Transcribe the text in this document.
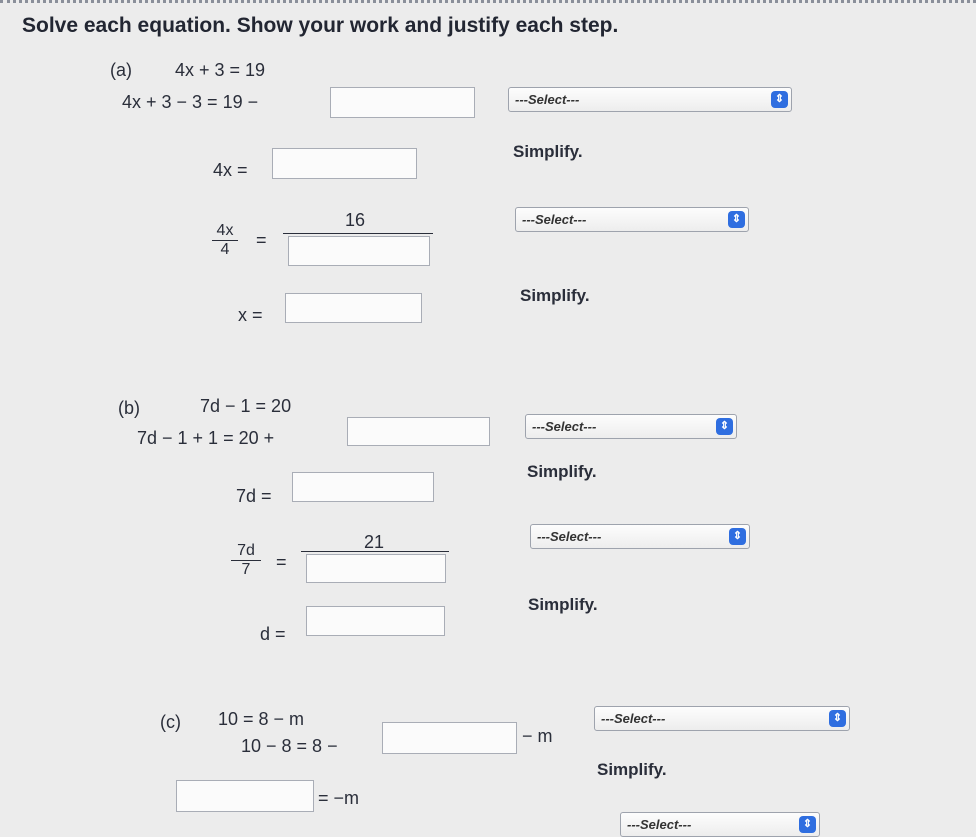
Solve each equation. Show your work and justify each step.
(a) 4x + 3 = 19
4x + 3 − 3 = 19 −	---Select---	⇕
4x =
Simplify.
$\frac{4x}{4}$ =
16	---Select---	⇕
x =
Simplify.
(b)	7d − 1 = 20
7d − 1 + 1 = 20 +
---Select---	⇕
7d =
Simplify.
$\frac{7d}{7}$ =
21	---Select---	⇕
d =
Simplify.
(c) 10 = 8 − m
10 − 8 = 8 −	− m
---Select---	⇕
= −m
Simplify.
---Select---	⇕
